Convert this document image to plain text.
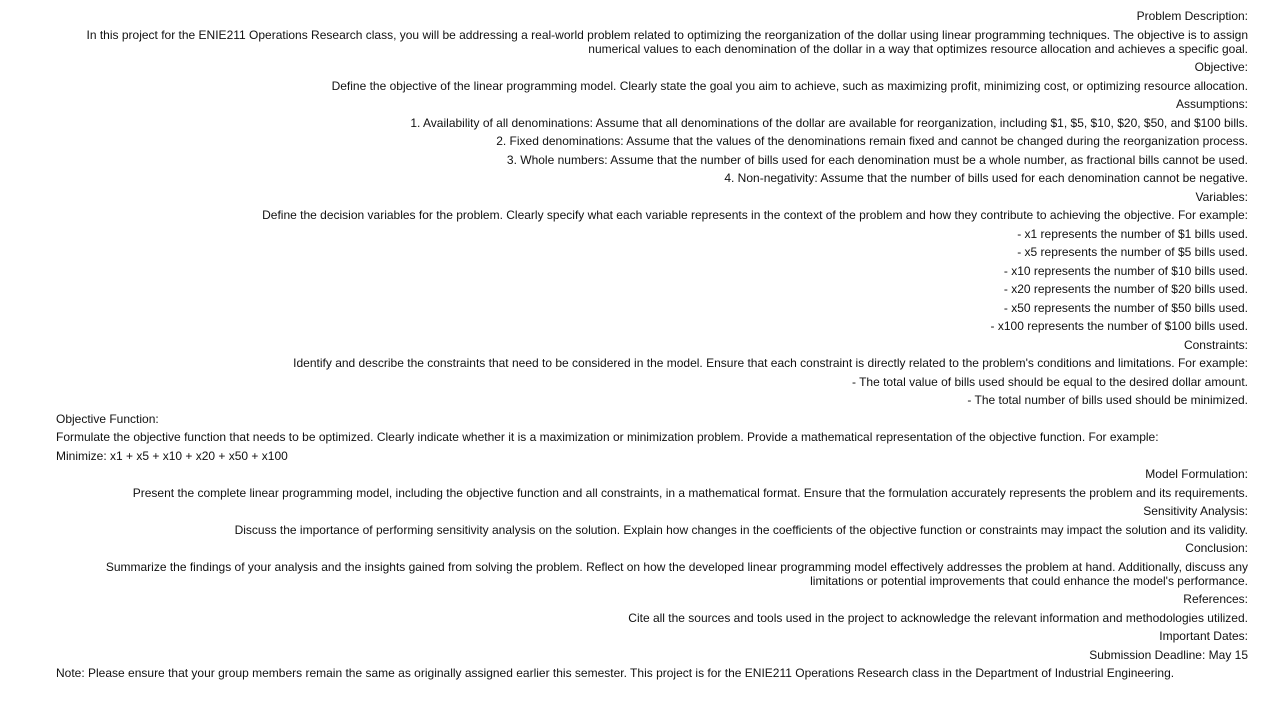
Problem Description:
In this project for the ENIE211 Operations Research class, you will be addressing a real-world problem related to optimizing the reorganization of the dollar using linear programming techniques. The objective is to assign numerical values to each denomination of the dollar in a way that optimizes resource allocation and achieves a specific goal.
Objective:
Define the objective of the linear programming model. Clearly state the goal you aim to achieve, such as maximizing profit, minimizing cost, or optimizing resource allocation.
Assumptions:
1. Availability of all denominations: Assume that all denominations of the dollar are available for reorganization, including $1, $5, $10, $20, $50, and $100 bills.
2. Fixed denominations: Assume that the values of the denominations remain fixed and cannot be changed during the reorganization process.
3. Whole numbers: Assume that the number of bills used for each denomination must be a whole number, as fractional bills cannot be used.
4. Non-negativity: Assume that the number of bills used for each denomination cannot be negative.
Variables:
Define the decision variables for the problem. Clearly specify what each variable represents in the context of the problem and how they contribute to achieving the objective. For example:
- x1 represents the number of $1 bills used.
- x5 represents the number of $5 bills used.
- x10 represents the number of $10 bills used.
- x20 represents the number of $20 bills used.
- x50 represents the number of $50 bills used.
- x100 represents the number of $100 bills used.
Constraints:
Identify and describe the constraints that need to be considered in the model. Ensure that each constraint is directly related to the problem's conditions and limitations. For example:
- The total value of bills used should be equal to the desired dollar amount.
- The total number of bills used should be minimized.
Objective Function:
Formulate the objective function that needs to be optimized. Clearly indicate whether it is a maximization or minimization problem. Provide a mathematical representation of the objective function. For example:
Minimize: x1 + x5 + x10 + x20 + x50 + x100
Model Formulation:
Present the complete linear programming model, including the objective function and all constraints, in a mathematical format. Ensure that the formulation accurately represents the problem and its requirements.
Sensitivity Analysis:
Discuss the importance of performing sensitivity analysis on the solution. Explain how changes in the coefficients of the objective function or constraints may impact the solution and its validity.
Conclusion:
Summarize the findings of your analysis and the insights gained from solving the problem. Reflect on how the developed linear programming model effectively addresses the problem at hand. Additionally, discuss any limitations or potential improvements that could enhance the model's performance.
References:
Cite all the sources and tools used in the project to acknowledge the relevant information and methodologies utilized.
Important Dates:
Submission Deadline: May 15
Note: Please ensure that your group members remain the same as originally assigned earlier this semester. This project is for the ENIE211 Operations Research class in the Department of Industrial Engineering.
